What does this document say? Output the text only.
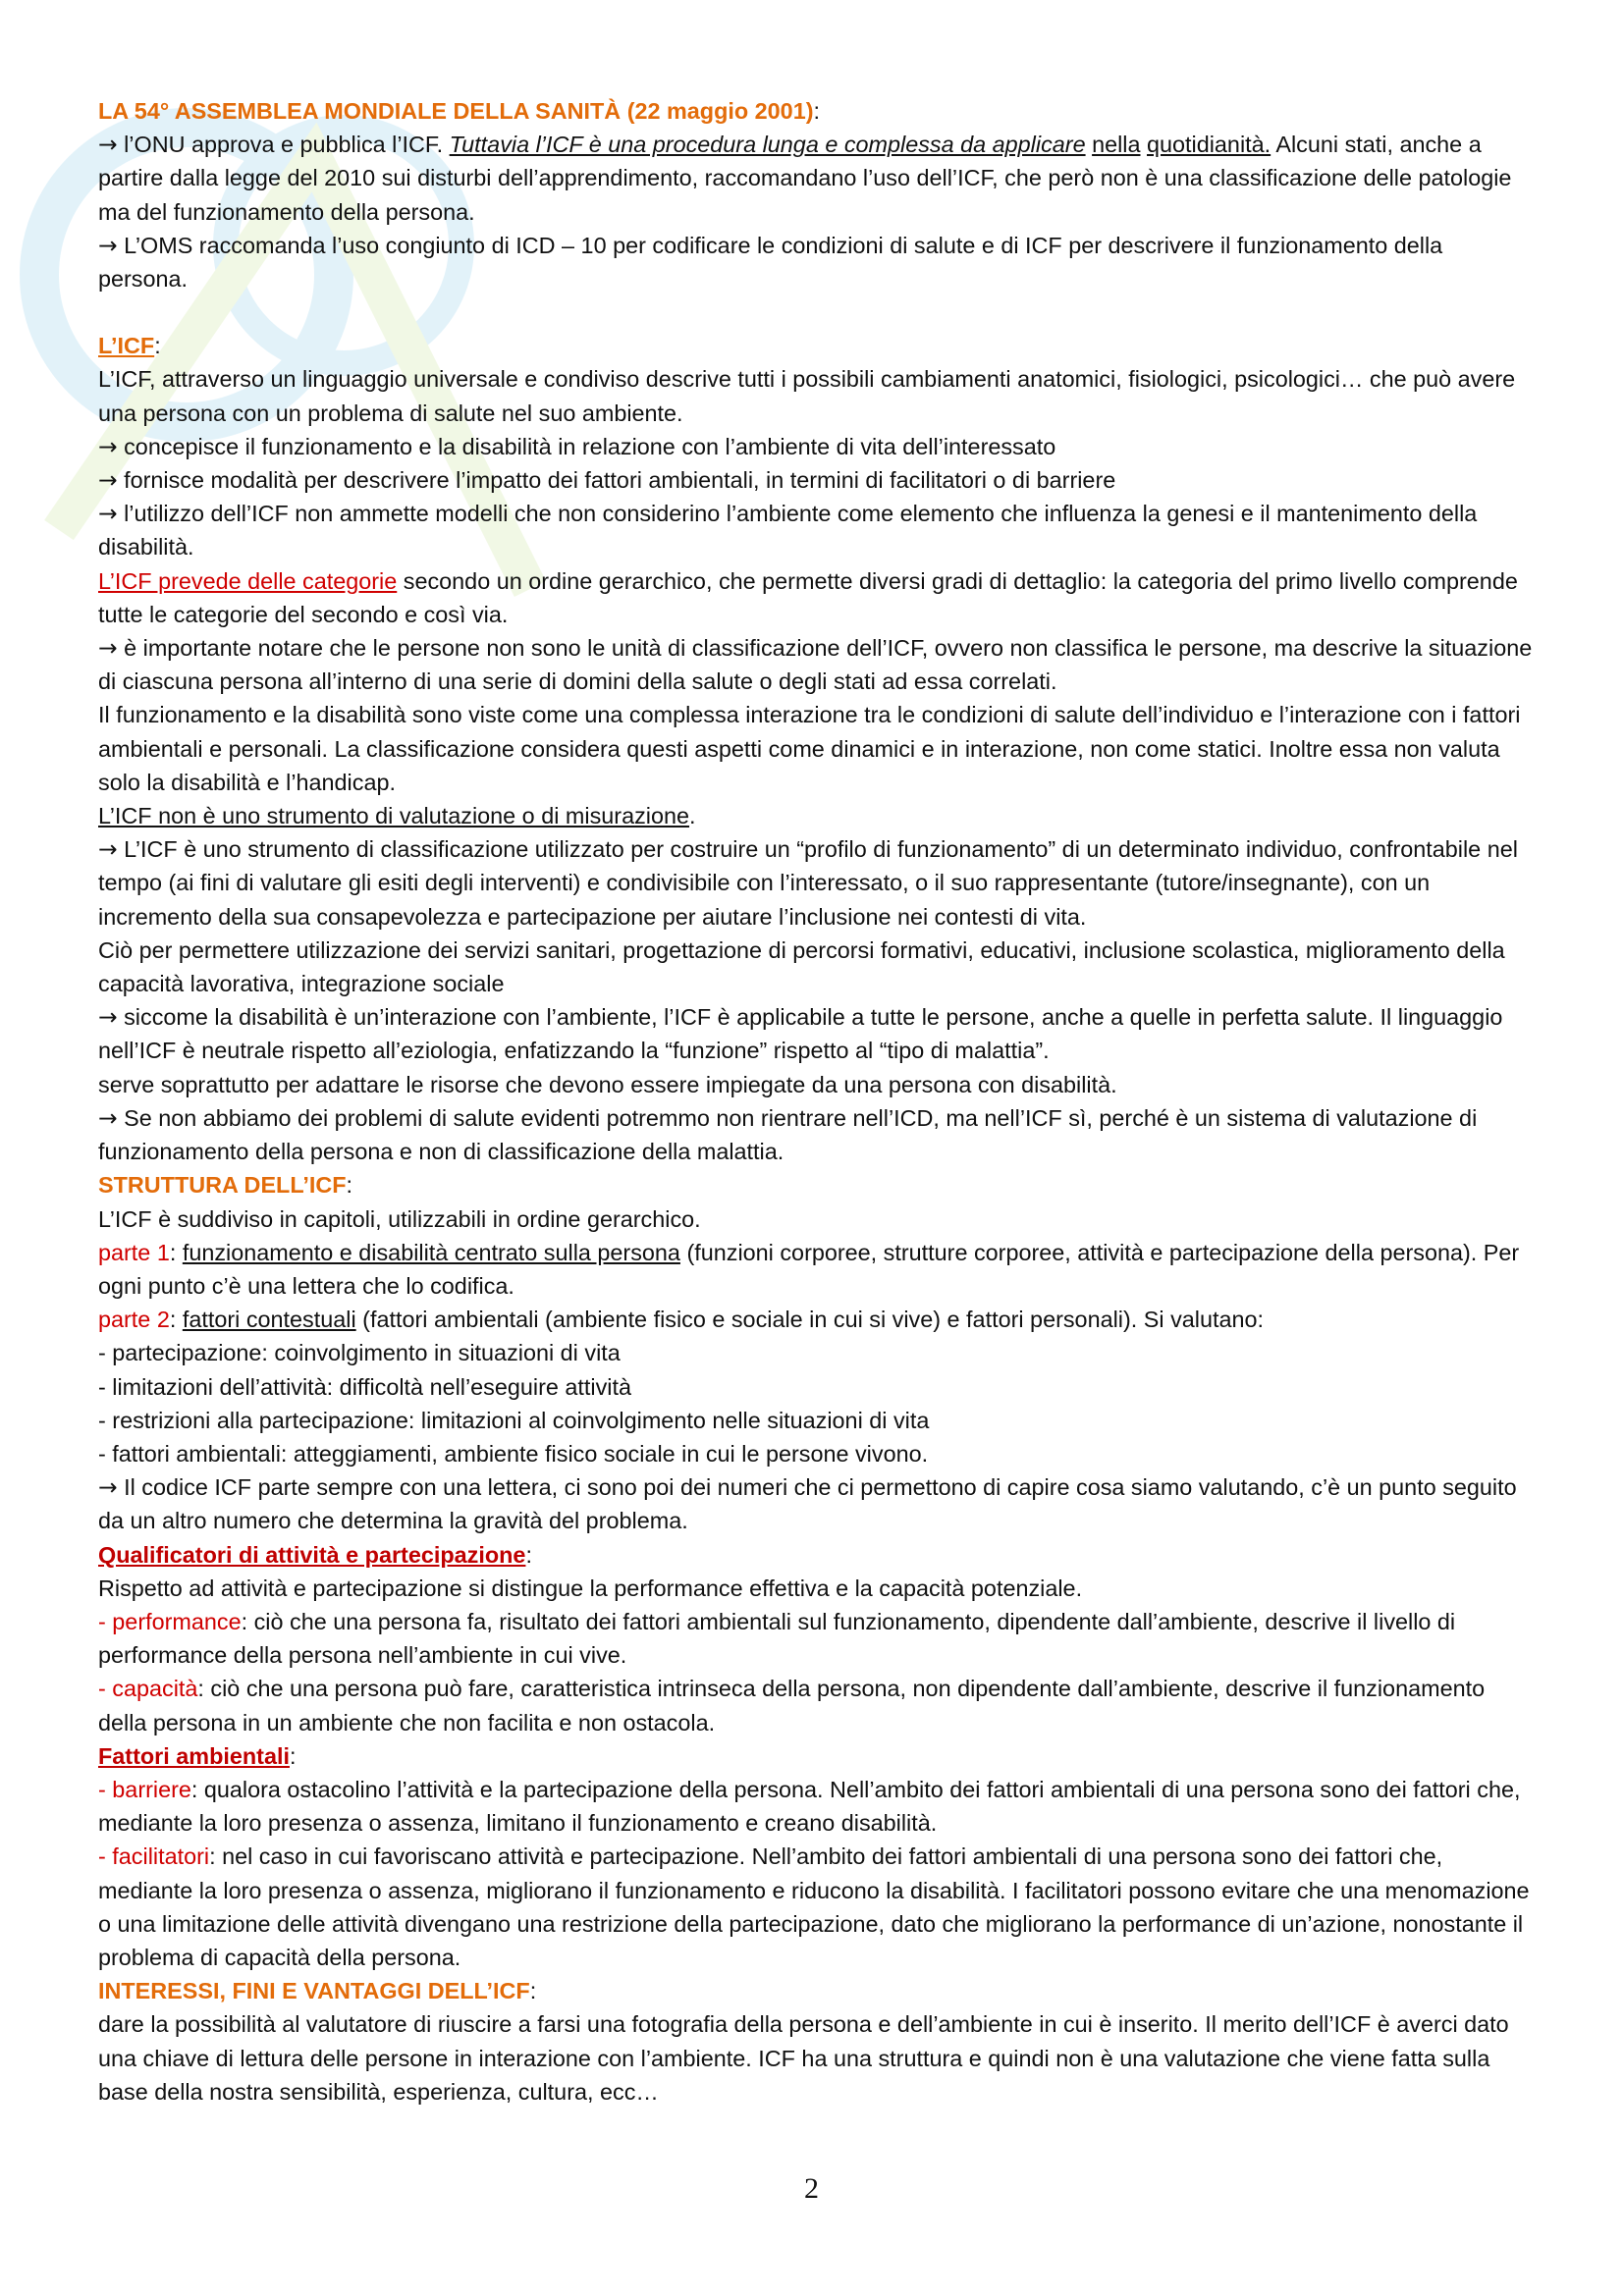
LA 54° ASSEMBLEA MONDIALE DELLA SANITÀ (22 maggio 2001):

→ l’ONU approva e pubblica l’ICF. Tuttavia l’ICF è una procedura lunga e complessa da applicare nella quotidianità. Alcuni stati, anche a partire dalla legge del 2010 sui disturbi dell’apprendimento, raccomandano l’uso dell’ICF, che però non è una classificazione delle patologie ma del funzionamento della persona.

→ L’OMS raccomanda l’uso congiunto di ICD – 10 per codificare le condizioni di salute e di ICF per descrivere il funzionamento della persona.

L’ICF:

L’ICF, attraverso un linguaggio universale e condiviso descrive tutti i possibili cambiamenti anatomici, fisiologici, psicologici… che può avere una persona con un problema di salute nel suo ambiente.

→ concepisce il funzionamento e la disabilità in relazione con l’ambiente di vita dell’interessato

→ fornisce modalità per descrivere l’impatto dei fattori ambientali, in termini di facilitatori o di barriere

→ l’utilizzo dell’ICF non ammette modelli che non considerino l’ambiente come elemento che influenza la genesi e il mantenimento della disabilità.

L’ICF prevede delle categorie secondo un ordine gerarchico, che permette diversi gradi di dettaglio: la categoria del primo livello comprende tutte le categorie del secondo e così via.

→ è importante notare che le persone non sono le unità di classificazione dell’ICF, ovvero non classifica le persone, ma descrive la situazione di ciascuna persona all’interno di una serie di domini della salute o degli stati ad essa correlati.

Il funzionamento e la disabilità sono viste come una complessa interazione tra le condizioni di salute dell’individuo e l’interazione con i fattori ambientali e personali. La classificazione considera questi aspetti come dinamici e in interazione, non come statici. Inoltre essa non valuta solo la disabilità e l’handicap.

L’ICF non è uno strumento di valutazione o di misurazione.

→ L’ICF è uno strumento di classificazione utilizzato per costruire un “profilo di funzionamento” di un determinato individuo, confrontabile nel tempo (ai fini di valutare gli esiti degli interventi) e condivisibile con l’interessato, o il suo rappresentante (tutore/insegnante), con un incremento della sua consapevolezza e partecipazione per aiutare l’inclusione nei contesti di vita.

Ciò per permettere utilizzazione dei servizi sanitari, progettazione di percorsi formativi, educativi, inclusione scolastica, miglioramento della capacità lavorativa, integrazione sociale

→ siccome la disabilità è un’interazione con l’ambiente, l’ICF è applicabile a tutte le persone, anche a quelle in perfetta salute. Il linguaggio nell’ICF è neutrale rispetto all’eziologia, enfatizzando la “funzione” rispetto al “tipo di malattia”.

serve soprattutto per adattare le risorse che devono essere impiegate da una persona con disabilità.

→ Se non abbiamo dei problemi di salute evidenti potremmo non rientrare nell’ICD, ma nell’ICF sì, perché è un sistema di valutazione di funzionamento della persona e non di classificazione della malattia.

STRUTTURA DELL’ICF:

L’ICF è suddiviso in capitoli, utilizzabili in ordine gerarchico.

parte 1: funzionamento e disabilità centrato sulla persona (funzioni corporee, strutture corporee, attività e partecipazione della persona). Per ogni punto c’è una lettera che lo codifica.

parte 2: fattori contestuali (fattori ambientali (ambiente fisico e sociale in cui si vive) e fattori personali). Si valutano:

- partecipazione: coinvolgimento in situazioni di vita

- limitazioni dell’attività: difficoltà nell’eseguire attività

- restrizioni alla partecipazione: limitazioni al coinvolgimento nelle situazioni di vita

- fattori ambientali: atteggiamenti, ambiente fisico sociale in cui le persone vivono.

→ Il codice ICF parte sempre con una lettera, ci sono poi dei numeri che ci permettono di capire cosa siamo valutando, c’è un punto seguito da un altro numero che determina la gravità del problema.

Qualificatori di attività e partecipazione:

Rispetto ad attività e partecipazione si distingue la performance effettiva e la capacità potenziale.

- performance: ciò che una persona fa, risultato dei fattori ambientali sul funzionamento, dipendente dall’ambiente, descrive il livello di performance della persona nell’ambiente in cui vive.

- capacità: ciò che una persona può fare, caratteristica intrinseca della persona, non dipendente dall’ambiente, descrive il funzionamento della persona in un ambiente che non facilita e non ostacola.

Fattori ambientali:

- barriere: qualora ostacolino l’attività e la partecipazione della persona. Nell’ambito dei fattori ambientali di una persona sono dei fattori che, mediante la loro presenza o assenza, limitano il funzionamento e creano disabilità.

- facilitatori: nel caso in cui favoriscano attività e partecipazione. Nell’ambito dei fattori ambientali di una persona sono dei fattori che, mediante la loro presenza o assenza, migliorano il funzionamento e riducono la disabilità. I facilitatori possono evitare che una menomazione o una limitazione delle attività divengano una restrizione della partecipazione, dato che migliorano la performance di un’azione, nonostante il problema di capacità della persona.

INTERESSI, FINI E VANTAGGI DELL’ICF:

dare la possibilità al valutatore di riuscire a farsi una fotografia della persona e dell’ambiente in cui è inserito. Il merito dell’ICF è averci dato una chiave di lettura delle persone in interazione con l’ambiente. ICF ha una struttura e quindi non è una valutazione che viene fatta sulla base della nostra sensibilità, esperienza, cultura, ecc…

2
